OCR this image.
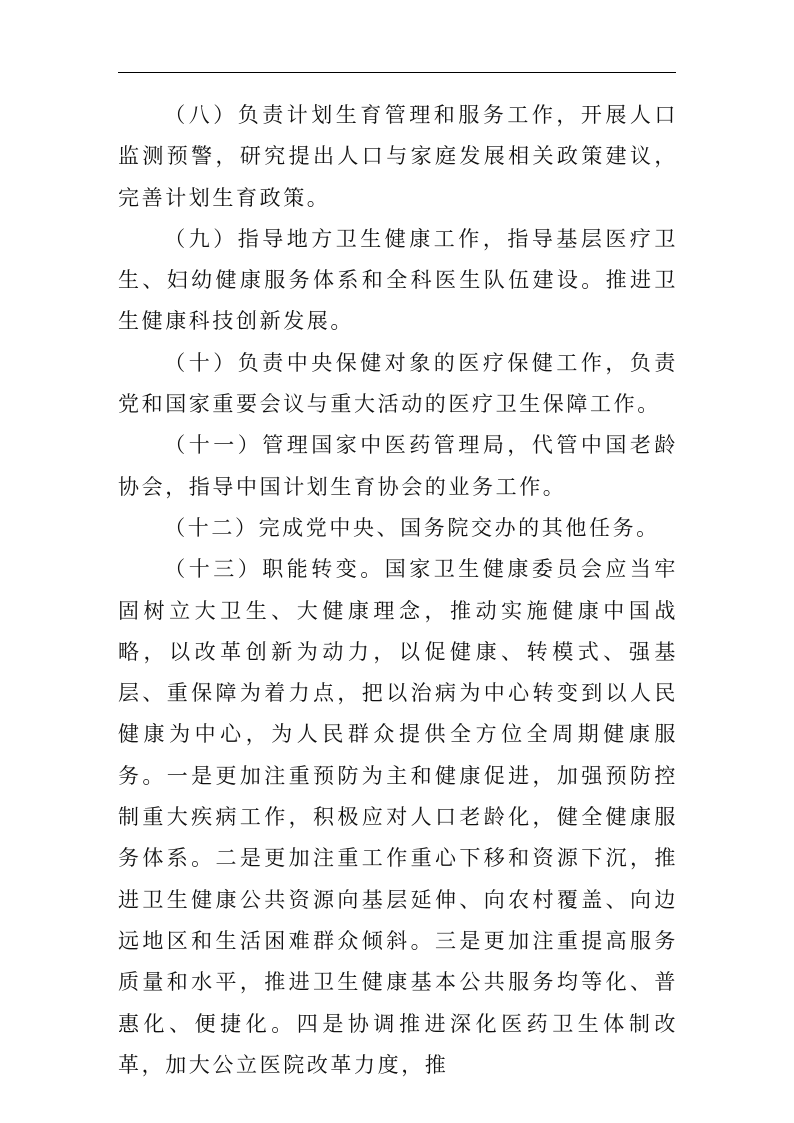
（八）负责计划生育管理和服务工作，开展人口监测预警，研究提出人口与家庭发展相关政策建议，完善计划生育政策。

（九）指导地方卫生健康工作，指导基层医疗卫生、妇幼健康服务体系和全科医生队伍建设。推进卫生健康科技创新发展。

（十）负责中央保健对象的医疗保健工作，负责党和国家重要会议与重大活动的医疗卫生保障工作。

（十一）管理国家中医药管理局，代管中国老龄协会，指导中国计划生育协会的业务工作。

（十二）完成党中央、国务院交办的其他任务。

（十三）职能转变。国家卫生健康委员会应当牢固树立大卫生、大健康理念，推动实施健康中国战略，以改革创新为动力，以促健康、转模式、强基层、重保障为着力点，把以治病为中心转变到以人民健康为中心，为人民群众提供全方位全周期健康服务。一是更加注重预防为主和健康促进，加强预防控制重大疾病工作，积极应对人口老龄化，健全健康服务体系。二是更加注重工作重心下移和资源下沉，推进卫生健康公共资源向基层延伸、向农村覆盖、向边远地区和生活困难群众倾斜。三是更加注重提高服务质量和水平，推进卫生健康基本公共服务均等化、普惠化、便捷化。四是协调推进深化医药卫生体制改革，加大公立医院改革力度，推
